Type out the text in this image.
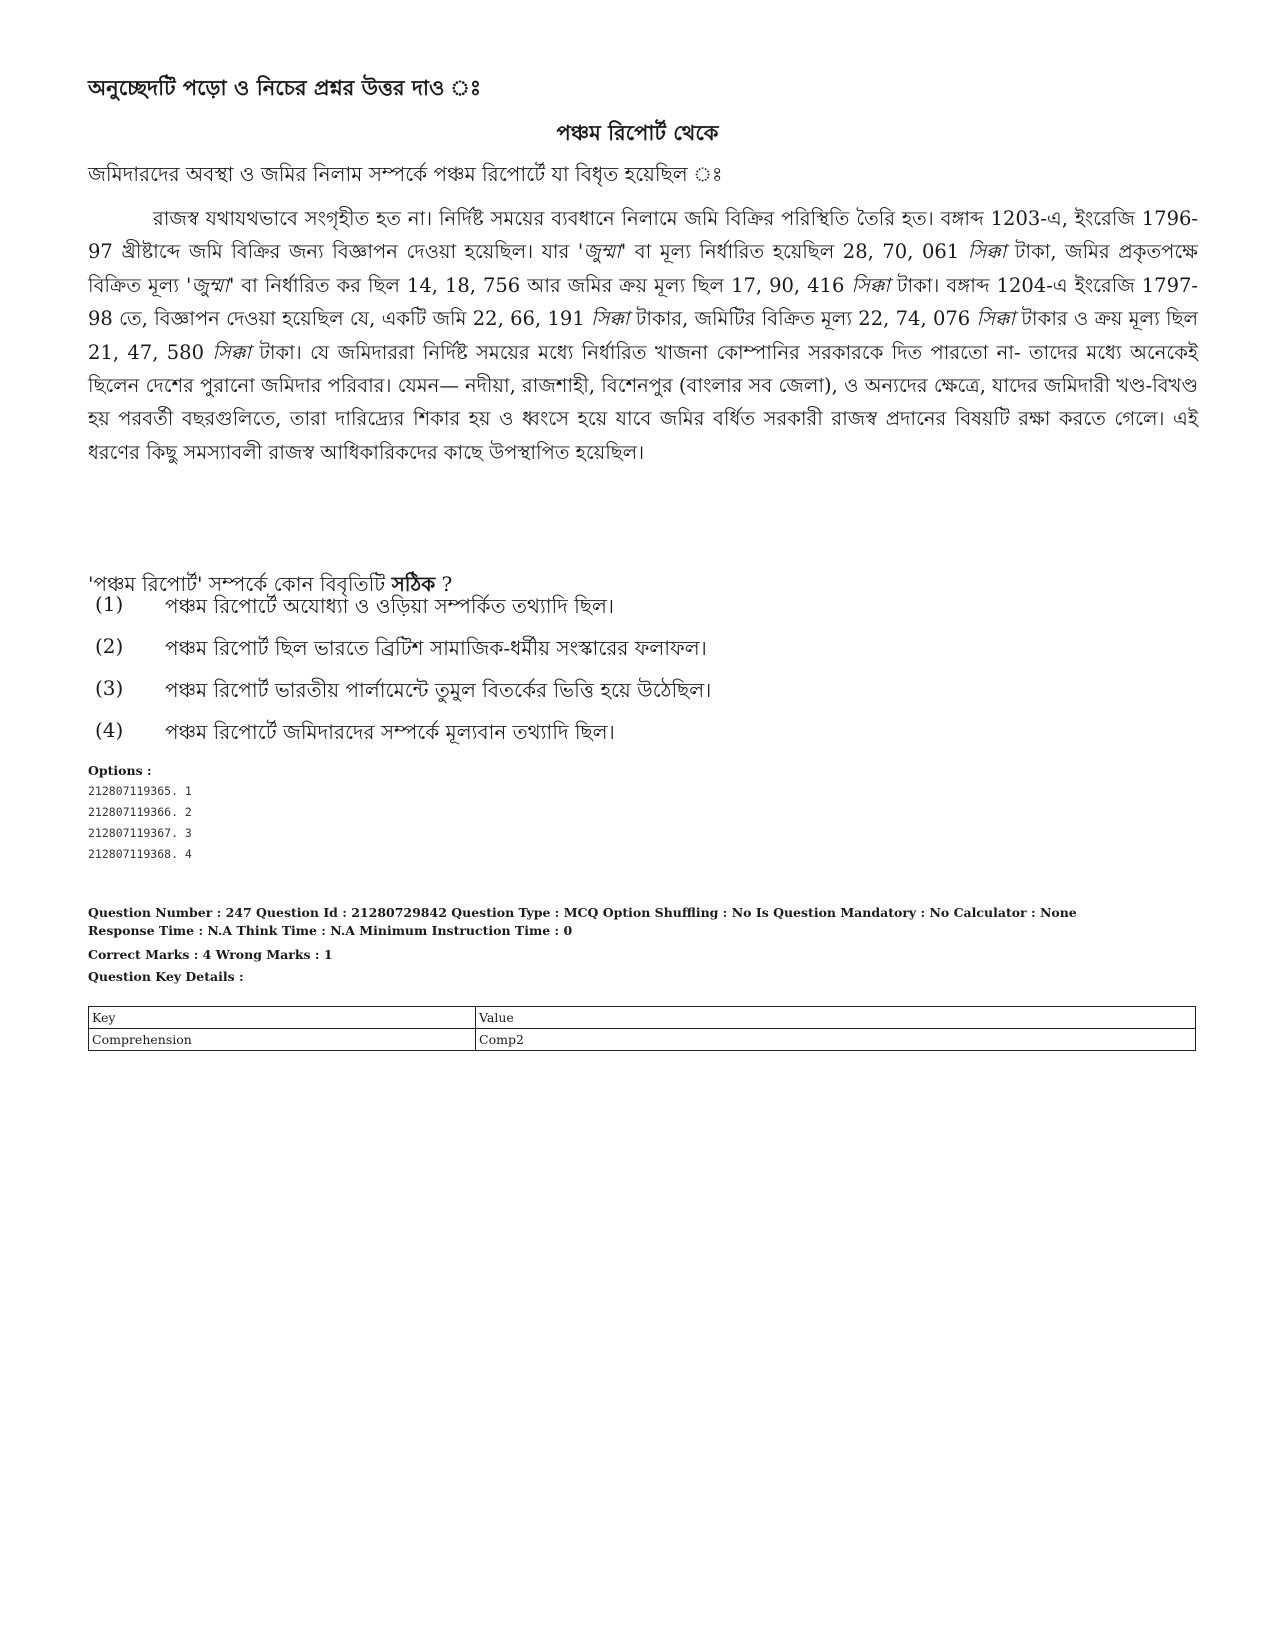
অনুচ্ছেদটি পড়ো ও নিচের প্রশ্নর উত্তর দাও ঃ
পঞ্চম রিপোর্ট থেকে
জমিদারদের অবস্থা ও জমির নিলাম সম্পর্কে পঞ্চম রিপোর্টে যা বিধৃত হয়েছিল ঃ
রাজস্ব যথাযথভাবে সংগৃহীত হত না। নির্দিষ্ট সময়ের ব্যবধানে নিলামে জমি বিক্রির পরিস্থিতি তৈরি হত। বঙ্গাব্দ 1203-এ, ইংরেজি 1796-97 খ্রীষ্টাব্দে জমি বিক্রির জন্য বিজ্ঞাপন দেওয়া হয়েছিল। যার 'জুম্মা' বা মূল্য নির্ধারিত হয়েছিল 28, 70, 061 সিক্কা টাকা, জমির প্রকৃতপক্ষে বিক্রিত মূল্য 'জুম্মা' বা নির্ধারিত কর ছিল 14, 18, 756 আর জমির ক্রয় মূল্য ছিল 17, 90, 416 সিক্কা টাকা। বঙ্গাব্দ 1204-এ ইংরেজি 1797-98 তে, বিজ্ঞাপন দেওয়া হয়েছিল যে, একটি জমি 22, 66, 191 সিক্কা টাকার, জমিটির বিক্রিত মূল্য 22, 74, 076 সিক্কা টাকার ও ক্রয় মূল্য ছিল 21, 47, 580 সিক্কা টাকা। যে জমিদাররা নির্দিষ্ট সময়ের মধ্যে নির্ধারিত খাজনা কোম্পানির সরকারকে দিত পারতো না- তাদের মধ্যে অনেকেই ছিলেন দেশের পুরানো জমিদার পরিবার। যেমন— নদীয়া, রাজশাহী, বিশেনপুর (বাংলার সব জেলা), ও অন্যদের ক্ষেত্রে, যাদের জমিদারী খণ্ড-বিখণ্ড হয় পরবর্তী বছরগুলিতে, তারা দারিদ্র্যের শিকার হয় ও ধ্বংসে হয়ে যাবে জমির বর্ধিত সরকারী রাজস্ব প্রদানের বিষয়টি রক্ষা করতে গেলে। এই ধরণের কিছু সমস্যাবলী রাজস্ব আধিকারিকদের কাছে উপস্থাপিত হয়েছিল।
'পঞ্চম রিপোর্ট' সম্পর্কে কোন বিবৃতিটি সঠিক ?
(1)	পঞ্চম রিপোর্টে অযোধ্যা ও ওড়িয়া সম্পর্কিত তথ্যাদি ছিল।
(2)	পঞ্চম রিপোর্ট ছিল ভারতে ব্রিটিশ সামাজিক-ধর্মীয় সংস্কারের ফলাফল।
(3)	পঞ্চম রিপোর্ট ভারতীয় পার্লামেন্টে তুমুল বিতর্কের ভিত্তি হয়ে উঠেছিল।
(4)	পঞ্চম রিপোর্টে জমিদারদের সম্পর্কে মূল্যবান তথ্যাদি ছিল।
Options :
212807119365. 1
212807119366. 2
212807119367. 3
212807119368. 4
Question Number : 247 Question Id : 21280729842 Question Type : MCQ Option Shuffling : No Is Question Mandatory : No Calculator : None
Response Time : N.A Think Time : N.A Minimum Instruction Time : 0
Correct Marks : 4 Wrong Marks : 1
Question Key Details :
Key	Value
Comprehension	Comp2
